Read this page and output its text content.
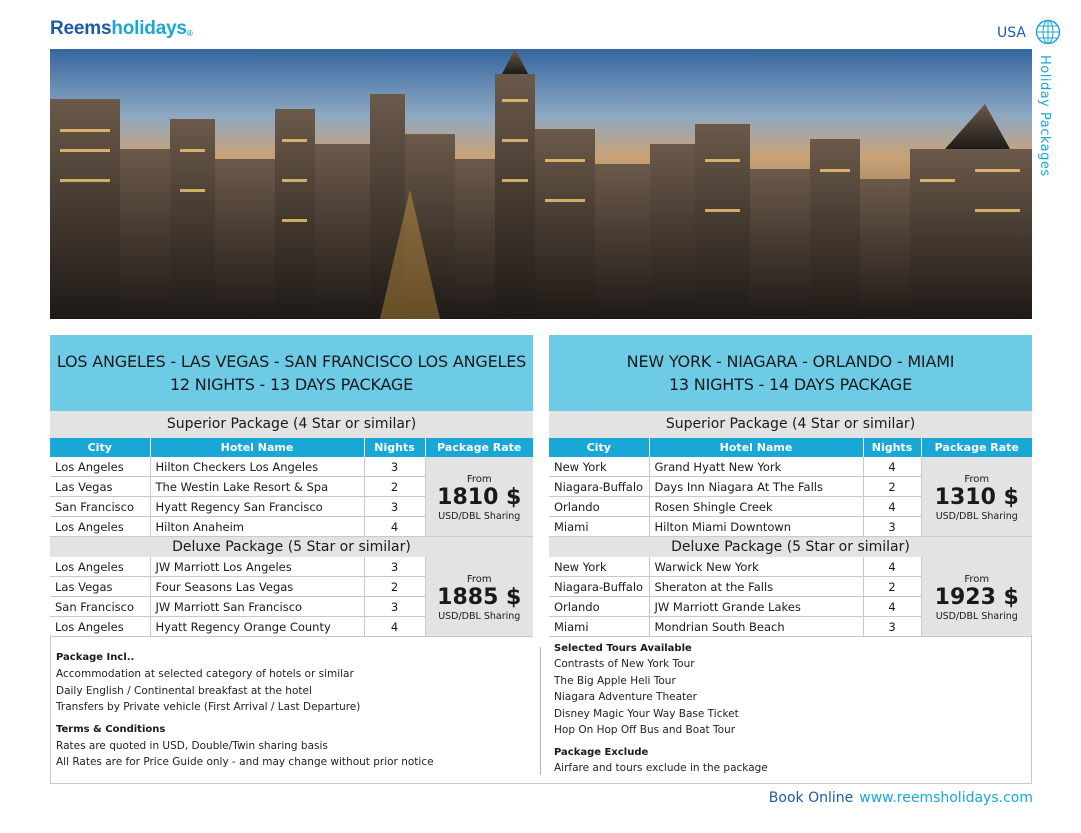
Reemsholidays®	USA
Holiday Packages
LOS ANGELES - LAS VEGAS - SAN FRANCISCO LOS ANGELES
12 NIGHTS - 13 DAYS PACKAGE
NEW YORK - NIAGARA - ORLANDO - MIAMI
13 NIGHTS - 14 DAYS PACKAGE
Superior Package (4 Star or similar)
City	Hotel Name	Nights	Package Rate
Los Angeles	Hilton Checkers Los Angeles	3	From
1810 $
USD/DBL Sharing

Las Vegas	The Westin Lake Resort & Spa	2	
San Francisco	Hyatt Regency San Francisco	3	
Los Angeles	Hilton Anaheim	4	
Deluxe Package (5 Star or similar)
Los Angeles	JW Marriott Los Angeles	3	From
1885 $
USD/DBL Sharing

Las Vegas	Four Seasons Las Vegas	2	
San Francisco	JW Marriott San Francisco	3	
Los Angeles	Hyatt Regency Orange County	4	
Superior Package (4 Star or similar)
City	Hotel Name	Nights	Package Rate
New York	Grand Hyatt New York	4	From
1310 $
USD/DBL Sharing

Niagara-Buffalo	Days Inn Niagara At The Falls	2	
Orlando	Rosen Shingle Creek	4	
Miami	Hilton Miami Downtown	3	
Deluxe Package (5 Star or similar)
New York	Warwick New York	4	From
1923 $
USD/DBL Sharing

Niagara-Buffalo	Sheraton at the Falls	2	
Orlando	JW Marriott Grande Lakes	4	
Miami	Mondrian South Beach	3	
Package Incl..
Accommodation at selected category of hotels or similar
Daily English / Continental breakfast at the hotel
Transfers by Private vehicle (First Arrival / Last Departure)
Terms & Conditions
Rates are quoted in USD, Double/Twin sharing basis
All Rates are for Price Guide only - and may change without prior notice
Selected Tours Available
Contrasts of New York Tour
The Big Apple Heli Tour
Niagara Adventure Theater
Disney Magic Your Way Base Ticket
Hop On Hop Off Bus and Boat Tour
Package Exclude
Airfare and tours exclude in the package
Book Online www.reemsholidays.com
